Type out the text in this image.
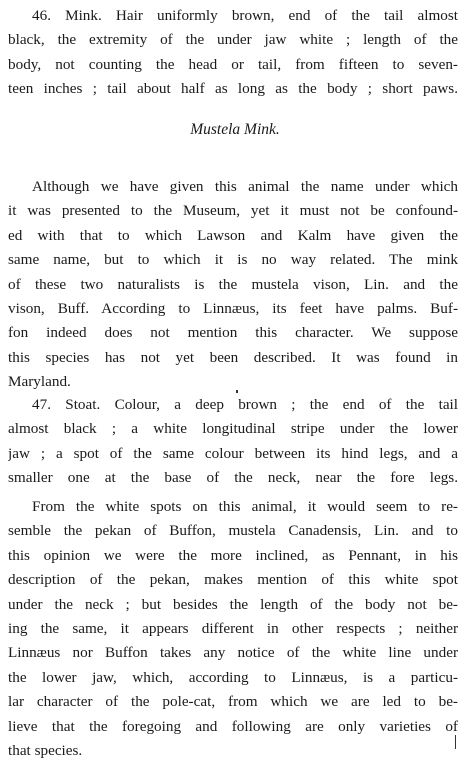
46. Mink. Hair uniformly brown, end of the tail almost
black, the extremity of the under jaw white ; length of the
body, not counting the head or tail, from fifteen to seven-
teen inches ; tail about half as long as the body ; short paws.

Mustela Mink.

Although we have given this animal the name under which
it was presented to the Museum, yet it must not be confound-
ed with that to which Lawson and Kalm have given the
same name, but to which it is no way related. The mink
of these two naturalists is the mustela vison, Lin. and the
vison, Buff. According to Linnæus, its feet have palms. Buf-
fon indeed does not mention this character. We suppose
this species has not yet been described. It was found in
Maryland.

47. Stoat. Colour, a deep brown ; the end of the tail
almost black ; a white longitudinal stripe under the lower
jaw ; a spot of the same colour between its hind legs, and a
smaller one at the base of the neck, near the fore legs.

From the white spots on this animal, it would seem to re-
semble the pekan of Buffon, mustela Canadensis, Lin. and to
this opinion we were the more inclined, as Pennant, in his
description of the pekan, makes mention of this white spot
under the neck ; but besides the length of the body not be-
ing the same, it appears different in other respects ; neither
Linnæus nor Buffon takes any notice of the white line under
the lower jaw, which, according to Linnæus, is a particu-
lar character of the pole-cat, from which we are led to be-
lieve that the foregoing and following are only varieties of
that species.
